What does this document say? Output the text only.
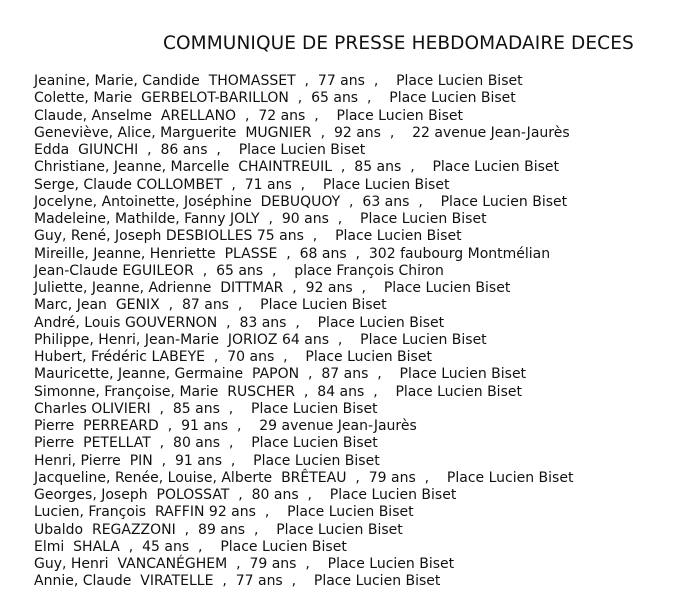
COMMUNIQUE DE PRESSE HEBDOMADAIRE DECES
Jeanine, Marie, Candide THOMASSET  ,  77 ans  ,    Place Lucien Biset
Colette, Marie GERBELOT-BARILLON  ,  65 ans  ,    Place Lucien Biset
Claude, Anselme ARELLANO  ,  72 ans  ,    Place Lucien Biset
Geneviève, Alice, Marguerite MUGNIER  ,  92 ans  ,    22 avenue Jean-Jaurès
Edda GIUNCHI  ,  86 ans  ,    Place Lucien Biset
Christiane, Jeanne, Marcelle CHAINTREUIL  ,  85 ans  ,    Place Lucien Biset
Serge, Claude COLLOMBET  ,  71 ans  ,    Place Lucien Biset
Jocelyne, Antoinette, Joséphine DEBUQUOY  ,  63 ans  ,    Place Lucien Biset
Madeleine, Mathilde, Fanny JOLY  ,  90 ans  ,    Place Lucien Biset
Guy, René, Joseph DESBIOLLES 75 ans  ,    Place Lucien Biset
Mireille, Jeanne, Henriette PLASSE  ,  68 ans  ,  302 faubourg Montmélian
Jean-Claude EGUILEOR  ,  65 ans  ,    place François Chiron
Juliette, Jeanne, Adrienne DITTMAR  ,  92 ans  ,    Place Lucien Biset
Marc, Jean GENIX  ,  87 ans  ,    Place Lucien Biset
André, Louis GOUVERNON  ,  83 ans  ,    Place Lucien Biset
Philippe, Henri, Jean-Marie JORIOZ 64 ans  ,    Place Lucien Biset
Hubert, Frédéric LABEYE  ,  70 ans  ,    Place Lucien Biset
Mauricette, Jeanne, Germaine PAPON  ,  87 ans  ,    Place Lucien Biset
Simonne, Françoise, Marie RUSCHER  ,  84 ans  ,    Place Lucien Biset
Charles OLIVIERI  ,  85 ans  ,    Place Lucien Biset
Pierre PERREARD  ,  91 ans  ,    29 avenue Jean-Jaurès
Pierre PETELLAT  ,  80 ans  ,    Place Lucien Biset
Henri, Pierre PIN  ,  91 ans  ,    Place Lucien Biset
Jacqueline, Renée, Louise, Alberte BRÊTEAU  ,  79 ans  ,    Place Lucien Biset
Georges, Joseph POLOSSAT  ,  80 ans  ,    Place Lucien Biset
Lucien, François RAFFIN 92 ans  ,    Place Lucien Biset
Ubaldo REGAZZONI  ,  89 ans  ,    Place Lucien Biset
Elmi SHALA  ,  45 ans  ,    Place Lucien Biset
Guy, Henri VANCANÉGHEM  ,  79 ans  ,    Place Lucien Biset
Annie, Claude VIRATELLE  ,  77 ans  ,    Place Lucien Biset
